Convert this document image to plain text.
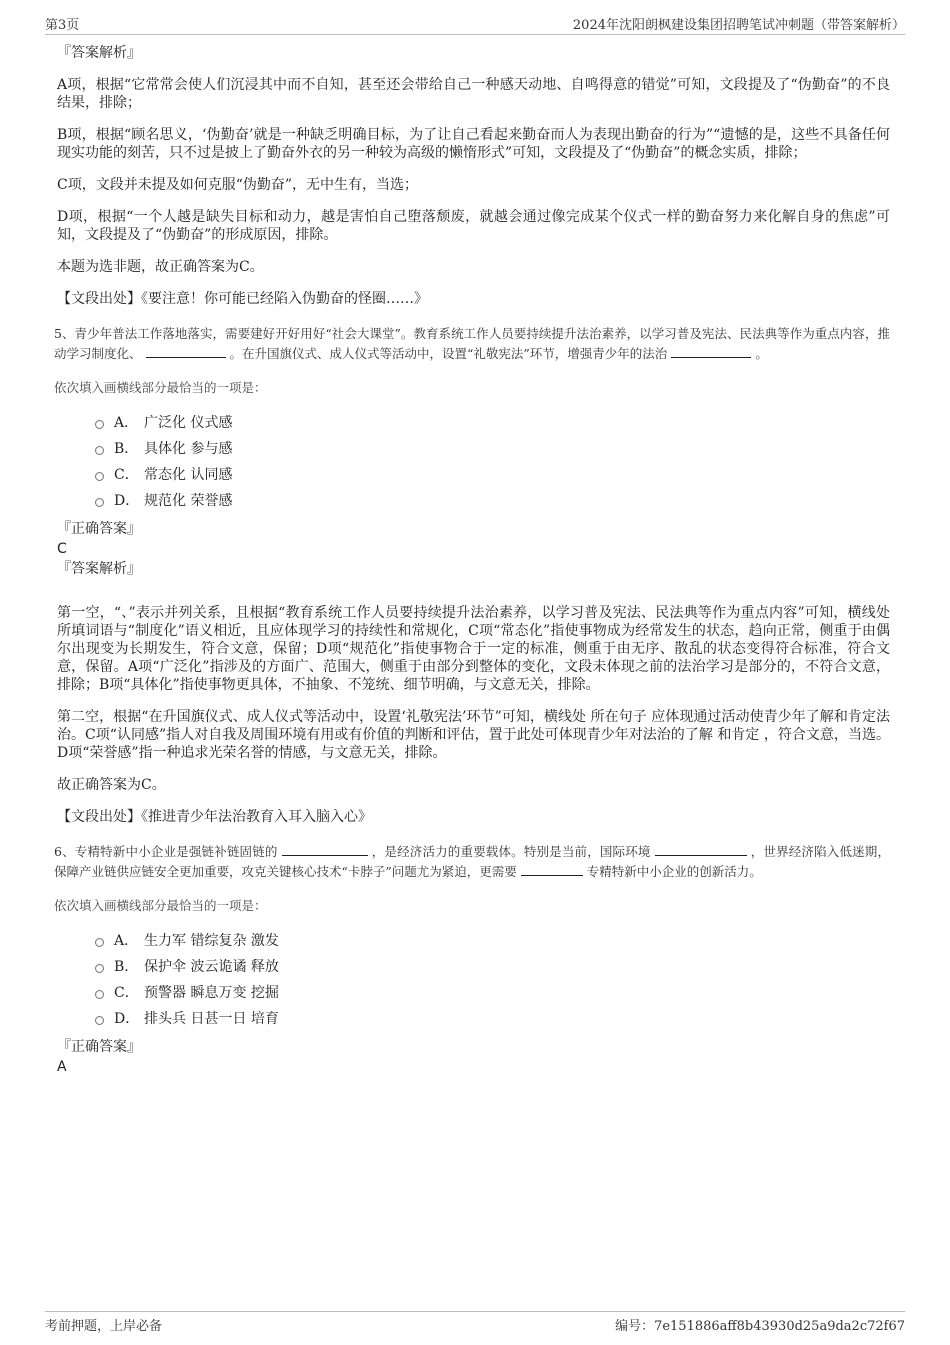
第3页	2024年沈阳朗枫建设集团招聘笔试冲刺题（带答案解析）
『答案解析』

A项，根据“它常常会使人们沉浸其中而不自知，甚至还会带给自己一种感天动地、自鸣得意的错觉”可知，文段提及了“伪勤奋”的不良结果，排除；

B项，根据“顾名思义，‘伪勤奋’就是一种缺乏明确目标，为了让自己看起来勤奋而人为表现出勤奋的行为”“遗憾的是，这些不具备任何现实功能的刻苦，只不过是披上了勤奋外衣的另一种较为高级的懒惰形式”可知，文段提及了“伪勤奋”的概念实质，排除；

C项，文段并未提及如何克服“伪勤奋”，无中生有，当选；

D项，根据“一个人越是缺失目标和动力，越是害怕自己堕落颓废，就越会通过像完成某个仪式一样的勤奋努力来化解自身的焦虑”可知，文段提及了“伪勤奋”的形成原因，排除。

本题为选非题，故正确答案为C。

【文段出处】《要注意！你可能已经陷入伪勤奋的怪圈……》

5、青少年普法工作落地落实，需要建好开好用好“社会大课堂”。教育系统工作人员要持续提升法治素养，以学习普及宪法、民法典等作为重点内容，推动学习制度化、	。在升国旗仪式、成人仪式等活动中，设置“礼敬宪法”环节，增强青少年的法治	。
依次填入画横线部分最恰当的一项是：
A． 广泛化 仪式感
B． 具体化 参与感
C． 常态化 认同感
D． 规范化 荣誉感
『正确答案』
C
『答案解析』

第一空，“、”表示并列关系，且根据“教育系统工作人员要持续提升法治素养，以学习普及宪法、民法典等作为重点内容”可知，横线处所填词语与“制度化”语义相近，且应体现学习的持续性和常规化，C项“常态化”指使事物成为经常发生的状态，趋向正常，侧重于由偶尔出现变为长期发生，符合文意，保留；D项“规范化”指使事物合于一定的标准，侧重于由无序、散乱的状态变得符合标准，符合文意，保留。A项“广泛化”指涉及的方面广、范围大，侧重于由部分到整体的变化，文段未体现之前的法治学习是部分的，不符合文意，排除；B项“具体化”指使事物更具体，不抽象、不笼统、细节明确，与文意无关，排除。

第二空，根据“在升国旗仪式、成人仪式等活动中，设置‘礼敬宪法’环节”可知，横线处 所在句子 应体现通过活动使青少年了解和肯定法治。C项“认同感”指人对自我及周围环境有用或有价值的判断和评估，置于此处可体现青少年对法治的了解 和肯定 ，符合文意，当选。D项“荣誉感”指一种追求光荣名誉的情感，与文意无关，排除。

故正确答案为C。

【文段出处】《推进青少年法治教育入耳入脑入心》

6、专精特新中小企业是强链补链固链的	，是经济活力的重要载体。特别是当前，国际环境	，世界经济陷入低迷期，保障产业链供应链安全更加重要，攻克关键核心技术“卡脖子”问题尤为紧迫，更需要	专精特新中小企业的创新活力。
依次填入画横线部分最恰当的一项是：
A． 生力军 错综复杂 激发
B． 保护伞 波云诡谲 释放
C． 预警器 瞬息万变 挖掘
D． 排头兵 日甚一日 培育
『正确答案』
A
考前押题，上岸必备	编号：7e151886aff8b43930d25a9da2c72f67
